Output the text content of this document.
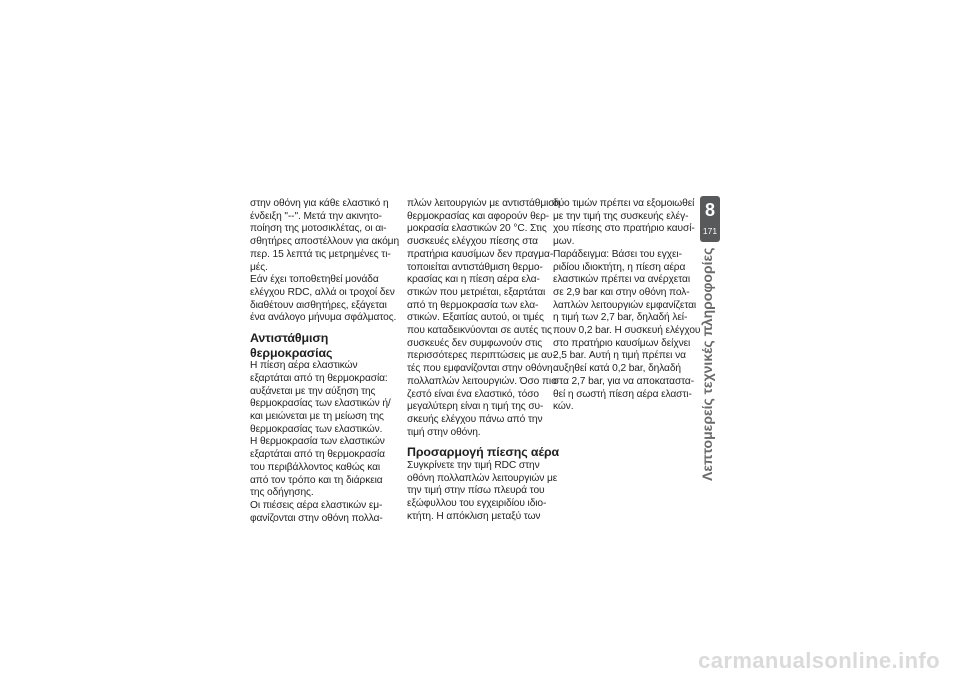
στην οθόνη για κάθε ελαστικό η
ένδειξη "--". Μετά την ακινητο-
ποίηση της μοτοσικλέτας, οι αι-
σθητήρες αποστέλλουν για ακόμη
περ. 15 λεπτά τις μετρημένες τι-
μές.

Εάν έχει τοποθετηθεί μονάδα
ελέγχου RDC, αλλά οι τροχοί δεν
διαθέτουν αισθητήρες, εξάγεται
ένα ανάλογο μήνυμα σφάλματος.

Αντιστάθμιση
θερμοκρασίας

Η πίεση αέρα ελαστικών
εξαρτάται από τη θερμοκρασία:
αυξάνεται με την αύξηση της
θερμοκρασίας των ελαστικών ή/
και μειώνεται με τη μείωση της
θερμοκρασίας των ελαστικών.

Η θερμοκρασία των ελαστικών
εξαρτάται από τη θερμοκρασία
του περιβάλλοντος καθώς και
από τον τρόπο και τη διάρκεια
της οδήγησης.

Οι πιέσεις αέρα ελαστικών εμ-
φανίζονται στην οθόνη πολλα-

πλών λειτουργιών με αντιστάθμιση
θερμοκρασίας και αφορούν θερ-
μοκρασία ελαστικών 20 °C. Στις
συσκευές ελέγχου πίεσης στα
πρατήρια καυσίμων δεν πραγμα-
τοποιείται αντιστάθμιση θερμο-
κρασίας και η πίεση αέρα ελα-
στικών που μετριέται, εξαρτάται
από τη θερμοκρασία των ελα-
στικών. Εξαιτίας αυτού, οι τιμές
που καταδεικνύονται σε αυτές τις
συσκευές δεν συμφωνούν στις
περισσότερες περιπτώσεις με αυ-
τές που εμφανίζονται στην οθόνη
πολλαπλών λειτουργιών. Όσο πιο
ζεστό είναι ένα ελαστικό, τόσο
μεγαλύτερη είναι η τιμή της συ-
σκευής ελέγχου πάνω από την
τιμή στην οθόνη.

Προσαρμογή πίεσης αέρα

Συγκρίνετε την τιμή RDC στην
οθόνη πολλαπλών λειτουργιών με
την τιμή στην πίσω πλευρά του
εξώφυλλου του εγχειριδίου ιδιο-
κτήτη. Η απόκλιση μεταξύ των

δύο τιμών πρέπει να εξομοιωθεί
με την τιμή της συσκευής ελέγ-
χου πίεσης στο πρατήριο καυσί-
μων.

Παράδειγμα: Βάσει του εγχει-
ριδίου ιδιοκτήτη, η πίεση αέρα
ελαστικών πρέπει να ανέρχεται
σε 2,9 bar και στην οθόνη πολ-
λαπλών λειτουργιών εμφανίζεται
η τιμή των 2,7 bar, δηλαδή λεί-
πουν 0,2 bar. Η συσκευή ελέγχου
στο πρατήριο καυσίμων δείχνει
2,5 bar. Αυτή η τιμή πρέπει να
αυξηθεί κατά 0,2 bar, δηλαδή
στα 2,7 bar, για να αποκαταστα-
θεί η σωστή πίεση αέρα ελαστι-
κών.

8
171
Λεπτομερείς τεχνικές πληροφορίες
carmanualsonline.info
